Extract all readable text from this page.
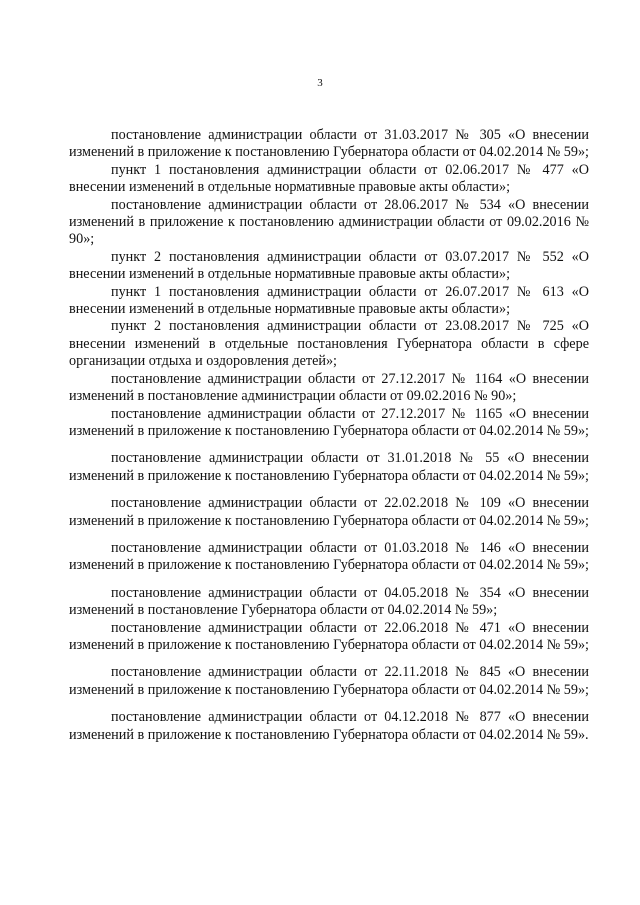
3

постановление администрации области от 31.03.2017 № 305 «О внесении изменений в приложение к постановлению Губернатора области от 04.02.2014 № 59»;

пункт 1 постановления администрации области от 02.06.2017 № 477 «О внесении изменений в отдельные нормативные правовые акты области»;

постановление администрации области от 28.06.2017 № 534 «О внесении изменений в приложение к постановлению администрации области от 09.02.2016 № 90»;

пункт 2 постановления администрации области от 03.07.2017 № 552 «О внесении изменений в отдельные нормативные правовые акты области»;

пункт 1 постановления администрации области от 26.07.2017 № 613 «О внесении изменений в отдельные нормативные правовые акты области»;

пункт 2 постановления администрации области от 23.08.2017 № 725 «О внесении изменений в отдельные постановления Губернатора области в сфере организации отдыха и оздоровления детей»;

постановление администрации области от 27.12.2017 № 1164 «О внесении изменений в постановление администрации области от 09.02.2016 № 90»;

постановление администрации области от 27.12.2017 № 1165 «О внесении изменений в приложение к постановлению Губернатора области от 04.02.2014 № 59»;

постановление администрации области от 31.01.2018 № 55 «О внесении изменений в приложение к постановлению Губернатора области от 04.02.2014 № 59»;

постановление администрации области от 22.02.2018 № 109 «О внесении изменений в приложение к постановлению Губернатора области от 04.02.2014 № 59»;

постановление администрации области от 01.03.2018 № 146 «О внесении изменений в приложение к постановлению Губернатора области от 04.02.2014 № 59»;

постановление администрации области от 04.05.2018 № 354 «О внесении изменений в постановление Губернатора области от 04.02.2014 № 59»;

постановление администрации области от 22.06.2018 № 471 «О внесении изменений в приложение к постановлению Губернатора области от 04.02.2014 № 59»;

постановление администрации области от 22.11.2018 № 845 «О внесении изменений в приложение к постановлению Губернатора области от 04.02.2014 № 59»;

постановление администрации области от 04.12.2018 № 877 «О внесении изменений в приложение к постановлению Губернатора области от 04.02.2014 № 59».
